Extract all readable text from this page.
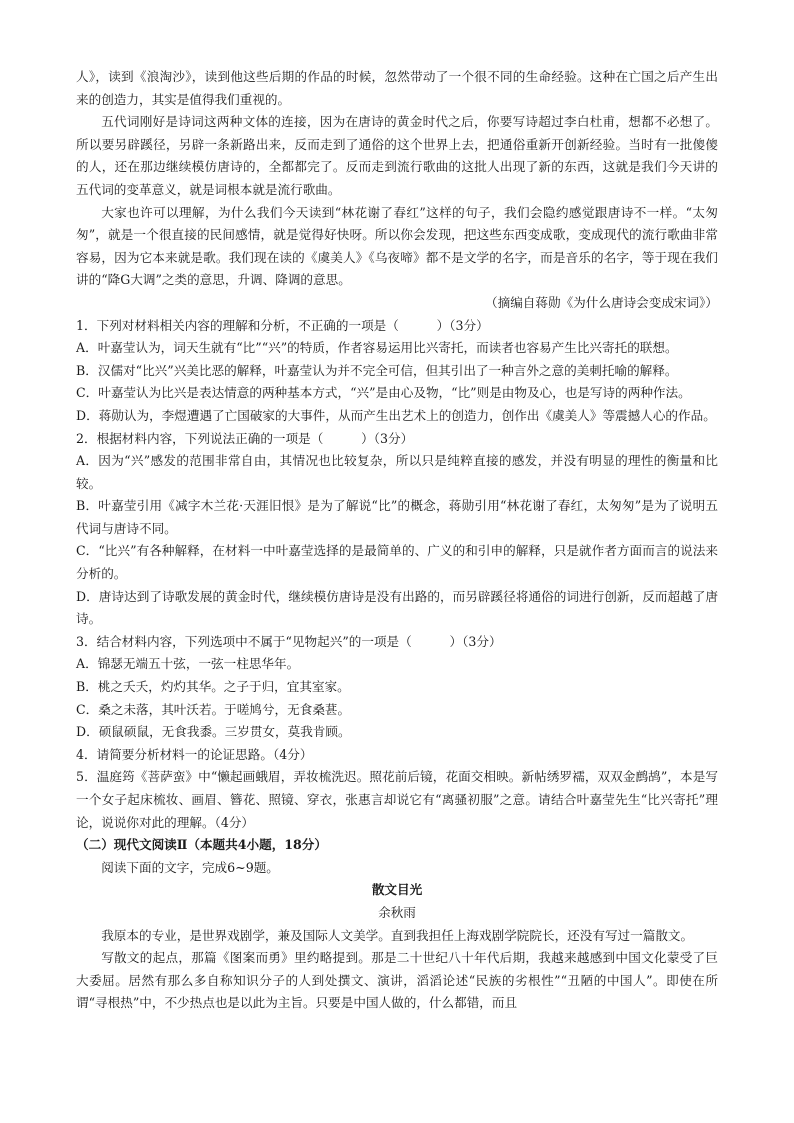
人》，读到《浪淘沙》，读到他这些后期的作品的时候，忽然带动了一个很不同的生命经验。这种在亡国之后产生出来的创造力，其实是值得我们重视的。

五代词刚好是诗词这两种文体的连接，因为在唐诗的黄金时代之后，你要写诗超过李白杜甫，想都不必想了。所以要另辟蹊径，另辟一条新路出来，反而走到了通俗的这个世界上去，把通俗重新开创新经验。当时有一批傻傻的人，还在那边继续模仿唐诗的，全都都完了。反而走到流行歌曲的这批人出现了新的东西，这就是我们今天讲的五代词的变革意义，就是词根本就是流行歌曲。

大家也许可以理解，为什么我们今天读到“林花谢了春红”这样的句子，我们会隐约感觉跟唐诗不一样。“太匆匆”，就是一个很直接的民间感情，就是觉得好快呀。所以你会发现，把这些东西变成歌，变成现代的流行歌曲非常容易，因为它本来就是歌。我们现在读的《虞美人》《乌夜啼》都不是文学的名字，而是音乐的名字，等于现在我们讲的“降G大调”之类的意思，升调、降调的意思。

（摘编自蒋勋《为什么唐诗会变成宋词》）

1．下列对材料相关内容的理解和分析，不正确的一项是（　　　）（3分）

A．叶嘉莹认为，词天生就有“比”“兴”的特质，作者容易运用比兴寄托，而读者也容易产生比兴寄托的联想。

B．汉儒对“比兴”兴美比恶的解释，叶嘉莹认为并不完全可信，但其引出了一种言外之意的美刺托喻的解释。

C．叶嘉莹认为比兴是表达情意的两种基本方式，“兴”是由心及物，“比”则是由物及心，也是写诗的两种作法。

D．蒋勋认为，李煜遭遇了亡国破家的大事件，从而产生出艺术上的创造力，创作出《虞美人》等震撼人心的作品。

2．根据材料内容，下列说法正确的一项是（　　　）（3分）

A．因为“兴”感发的范围非常自由，其情况也比较复杂，所以只是纯粹直接的感发，并没有明显的理性的衡量和比较。

B．叶嘉莹引用《减字木兰花·天涯旧恨》是为了解说“比”的概念，蒋勋引用“林花谢了春红，太匆匆”是为了说明五代词与唐诗不同。

C．“比兴”有各种解释，在材料一中叶嘉莹选择的是最简单的、广义的和引申的解释，只是就作者方面而言的说法来分析的。

D．唐诗达到了诗歌发展的黄金时代，继续模仿唐诗是没有出路的，而另辟蹊径将通俗的词进行创新，反而超越了唐诗。

3．结合材料内容，下列选项中不属于“见物起兴”的一项是（　　　）（3分）

A．锦瑟无端五十弦，一弦一柱思华年。

B．桃之夭夭，灼灼其华。之子于归，宜其室家。

C．桑之未落，其叶沃若。于嗟鸠兮，无食桑葚。

D．硕鼠硕鼠，无食我黍。三岁贯女，莫我肯顾。

4．请简要分析材料一的论证思路。（4分）

5．温庭筠《菩萨蛮》中“懒起画蛾眉，弄妆梳洗迟。照花前后镜，花面交相映。新帖绣罗襦，双双金鹧鸪”，本是写一个女子起床梳妆、画眉、簪花、照镜、穿衣，张惠言却说它有“离骚初服”之意。请结合叶嘉莹先生“比兴寄托”理论，说说你对此的理解。（4分）

（二）现代文阅读Ⅱ（本题共4小题，18分）

阅读下面的文字，完成6~9题。

散文目光

余秋雨

我原本的专业，是世界戏剧学，兼及国际人文美学。直到我担任上海戏剧学院院长，还没有写过一篇散文。

写散文的起点，那篇《图案而勇》里约略提到。那是二十世纪八十年代后期，我越来越感到中国文化蒙受了巨大委屈。居然有那么多自称知识分子的人到处撰文、演讲，滔滔论述“民族的劣根性”“丑陋的中国人”。即使在所谓“寻根热”中，不少热点也是以此为主旨。只要是中国人做的，什么都错，而且
